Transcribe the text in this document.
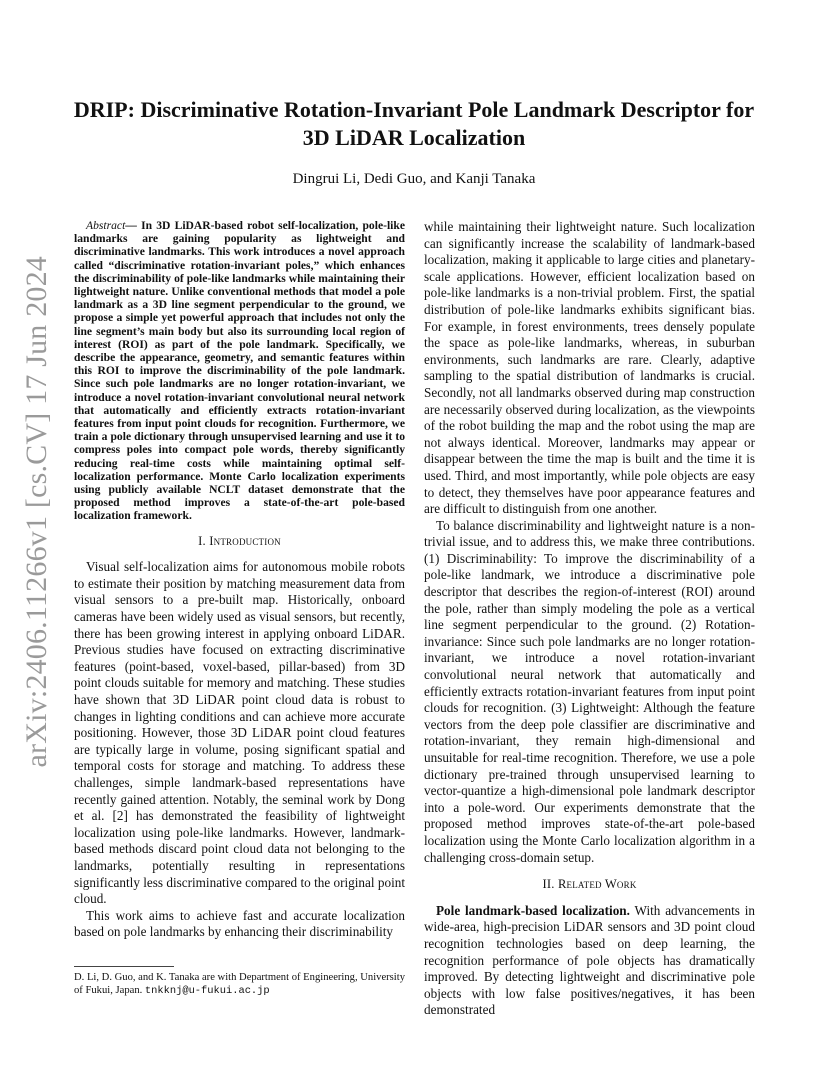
arXiv:2406.11266v1 [cs.CV] 17 Jun 2024
DRIP: Discriminative Rotation-Invariant Pole Landmark Descriptor for
3D LiDAR Localization

Dingrui Li, Dedi Guo, and Kanji Tanaka

Abstract— In 3D LiDAR-based robot self-localization, pole-like landmarks are gaining popularity as lightweight and discriminative landmarks. This work introduces a novel approach called “discriminative rotation-invariant poles,” which enhances the discriminability of pole-like landmarks while maintaining their lightweight nature. Unlike conventional methods that model a pole landmark as a 3D line segment perpendicular to the ground, we propose a simple yet powerful approach that includes not only the line segment’s main body but also its surrounding local region of interest (ROI) as part of the pole landmark. Specifically, we describe the appearance, geometry, and semantic features within this ROI to improve the discriminability of the pole landmark. Since such pole landmarks are no longer rotation-invariant, we introduce a novel rotation-invariant convolutional neural network that automatically and efficiently extracts rotation-invariant features from input point clouds for recognition. Furthermore, we train a pole dictionary through unsupervised learning and use it to compress poles into compact pole words, thereby significantly reducing real-time costs while maintaining optimal self-localization performance. Monte Carlo localization experiments using publicly available NCLT dataset demonstrate that the proposed method improves a state-of-the-art pole-based localization framework.

I. Introduction

Visual self-localization aims for autonomous mobile robots to estimate their position by matching measurement data from visual sensors to a pre-built map. Historically, onboard cameras have been widely used as visual sensors, but recently, there has been growing interest in applying onboard LiDAR. Previous studies have focused on extracting discriminative features (point-based, voxel-based, pillar-based) from 3D point clouds suitable for memory and matching. These studies have shown that 3D LiDAR point cloud data is robust to changes in lighting conditions and can achieve more accurate positioning. However, those 3D LiDAR point cloud features are typically large in volume, posing significant spatial and temporal costs for storage and matching. To address these challenges, simple landmark-based representations have recently gained attention. Notably, the seminal work by Dong et al. [2] has demonstrated the feasibility of lightweight localization using pole-like landmarks. However, landmark-based methods discard point cloud data not belonging to the landmarks, potentially resulting in representations significantly less discriminative compared to the original point cloud.

This work aims to achieve fast and accurate localization based on pole landmarks by enhancing their discriminability

while maintaining their lightweight nature. Such localization can significantly increase the scalability of landmark-based localization, making it applicable to large cities and planetary-scale applications. However, efficient localization based on pole-like landmarks is a non-trivial problem. First, the spatial distribution of pole-like landmarks exhibits significant bias. For example, in forest environments, trees densely populate the space as pole-like landmarks, whereas, in suburban environments, such landmarks are rare. Clearly, adaptive sampling to the spatial distribution of landmarks is crucial. Secondly, not all landmarks observed during map construction are necessarily observed during localization, as the viewpoints of the robot building the map and the robot using the map are not always identical. Moreover, landmarks may appear or disappear between the time the map is built and the time it is used. Third, and most importantly, while pole objects are easy to detect, they themselves have poor appearance features and are difficult to distinguish from one another.

To balance discriminability and lightweight nature is a non-trivial issue, and to address this, we make three contributions. (1) Discriminability: To improve the discriminability of a pole-like landmark, we introduce a discriminative pole descriptor that describes the region-of-interest (ROI) around the pole, rather than simply modeling the pole as a vertical line segment perpendicular to the ground. (2) Rotation-invariance: Since such pole landmarks are no longer rotation-invariant, we introduce a novel rotation-invariant convolutional neural network that automatically and efficiently extracts rotation-invariant features from input point clouds for recognition. (3) Lightweight: Although the feature vectors from the deep pole classifier are discriminative and rotation-invariant, they remain high-dimensional and unsuitable for real-time recognition. Therefore, we use a pole dictionary pre-trained through unsupervised learning to vector-quantize a high-dimensional pole landmark descriptor into a pole-word. Our experiments demonstrate that the proposed method improves state-of-the-art pole-based localization using the Monte Carlo localization algorithm in a challenging cross-domain setup.

II. Related Work

Pole landmark-based localization. With advancements in wide-area, high-precision LiDAR sensors and 3D point cloud recognition technologies based on deep learning, the recognition performance of pole objects has dramatically improved. By detecting lightweight and discriminative pole objects with low false positives/negatives, it has been demonstrated

D. Li, D. Guo, and K. Tanaka are with Department of Engineering, University of Fukui, Japan. tnkknj@u-fukui.ac.jp
